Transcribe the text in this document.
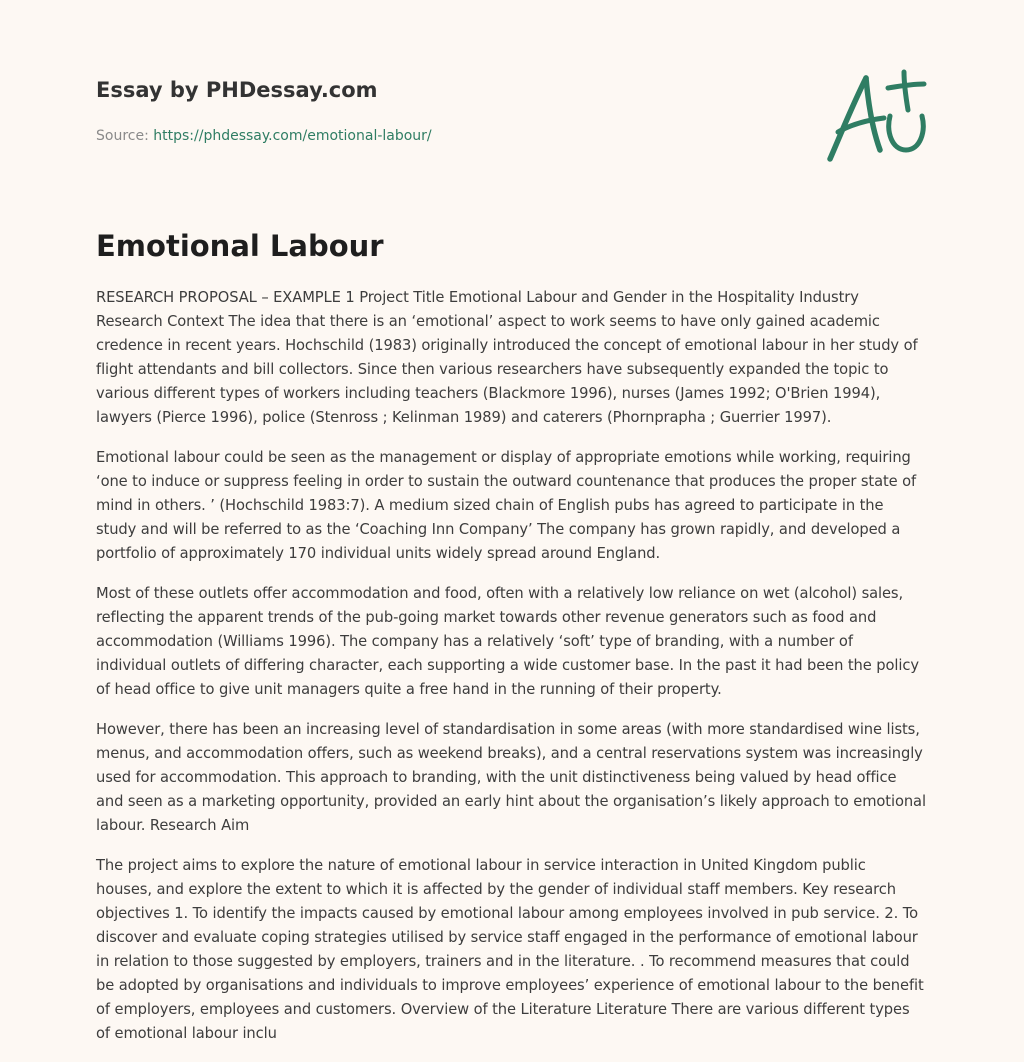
Essay by PHDessay.com
Source: https://phdessay.com/emotional-labour/
Emotional Labour

RESEARCH PROPOSAL – EXAMPLE 1 Project Title Emotional Labour and Gender in the Hospitality Industry Research Context The idea that there is an ‘emotional’ aspect to work seems to have only gained academic credence in recent years. Hochschild (1983) originally introduced the concept of emotional labour in her study of flight attendants and bill collectors. Since then various researchers have subsequently expanded the topic to various different types of workers including teachers (Blackmore 1996), nurses (James 1992; O'Brien 1994), lawyers (Pierce 1996), police (Stenross ; Kelinman 1989) and caterers (Phornprapha ; Guerrier 1997).

Emotional labour could be seen as the management or display of appropriate emotions while working, requiring ‘one to induce or suppress feeling in order to sustain the outward countenance that produces the proper state of mind in others. ’ (Hochschild 1983:7). A medium sized chain of English pubs has agreed to participate in the study and will be referred to as the ‘Coaching Inn Company’ The company has grown rapidly, and developed a portfolio of approximately 170 individual units widely spread around England.

Most of these outlets offer accommodation and food, often with a relatively low reliance on wet (alcohol) sales, reflecting the apparent trends of the pub-going market towards other revenue generators such as food and accommodation (Williams 1996). The company has a relatively ‘soft’ type of branding, with a number of individual outlets of differing character, each supporting a wide customer base. In the past it had been the policy of head office to give unit managers quite a free hand in the running of their property.

However, there has been an increasing level of standardisation in some areas (with more standardised wine lists, menus, and accommodation offers, such as weekend breaks), and a central reservations system was increasingly used for accommodation. This approach to branding, with the unit distinctiveness being valued by head office and seen as a marketing opportunity, provided an early hint about the organisation’s likely approach to emotional labour. Research Aim

The project aims to explore the nature of emotional labour in service interaction in United Kingdom public houses, and explore the extent to which it is affected by the gender of individual staff members. Key research objectives 1. To identify the impacts caused by emotional labour among employees involved in pub service. 2. To discover and evaluate coping strategies utilised by service staff engaged in the performance of emotional labour in relation to those suggested by employers, trainers and in the literature. . To recommend measures that could be adopted by organisations and individuals to improve employees’ experience of emotional labour to the benefit of employers, employees and customers. Overview of the Literature Literature There are various different types of emotional labour inclu
